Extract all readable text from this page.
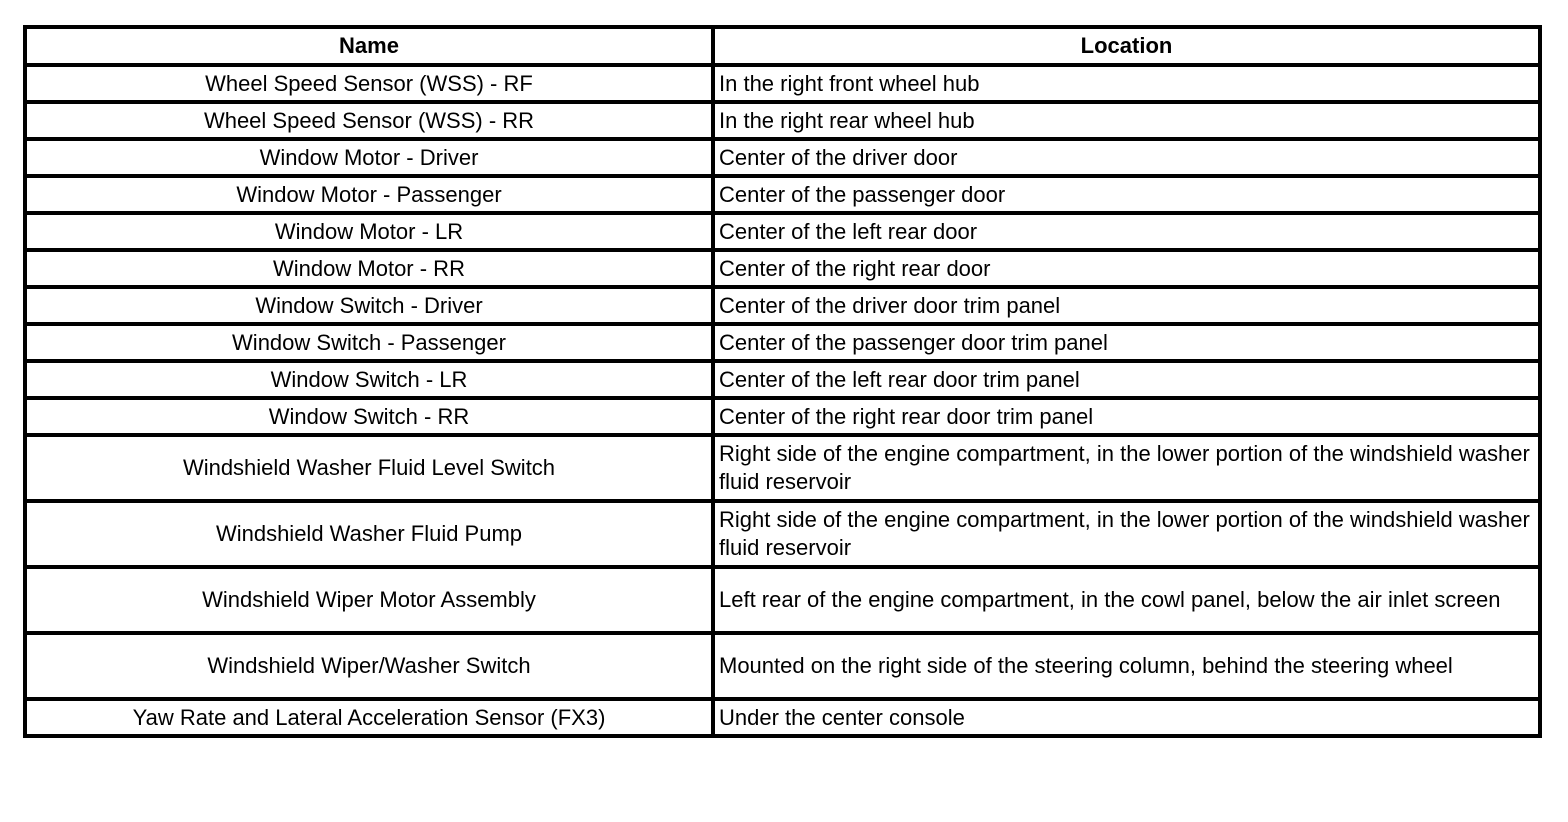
Name	Location
Wheel Speed Sensor (WSS) - RF	In the right front wheel hub
Wheel Speed Sensor (WSS) - RR	In the right rear wheel hub
Window Motor - Driver	Center of the driver door
Window Motor - Passenger	Center of the passenger door
Window Motor - LR	Center of the left rear door
Window Motor - RR	Center of the right rear door
Window Switch - Driver	Center of the driver door trim panel
Window Switch - Passenger	Center of the passenger door trim panel
Window Switch - LR	Center of the left rear door trim panel
Window Switch - RR	Center of the right rear door trim panel
Windshield Washer Fluid Level Switch	Right side of the engine compartment, in the lower portion of the windshield washer fluid reservoir
Windshield Washer Fluid Pump	Right side of the engine compartment, in the lower portion of the windshield washer fluid reservoir
Windshield Wiper Motor Assembly	Left rear of the engine compartment, in the cowl panel, below the air inlet screen
Windshield Wiper/Washer Switch	Mounted on the right side of the steering column, behind the steering wheel
Yaw Rate and Lateral Acceleration Sensor (FX3)	Under the center console
